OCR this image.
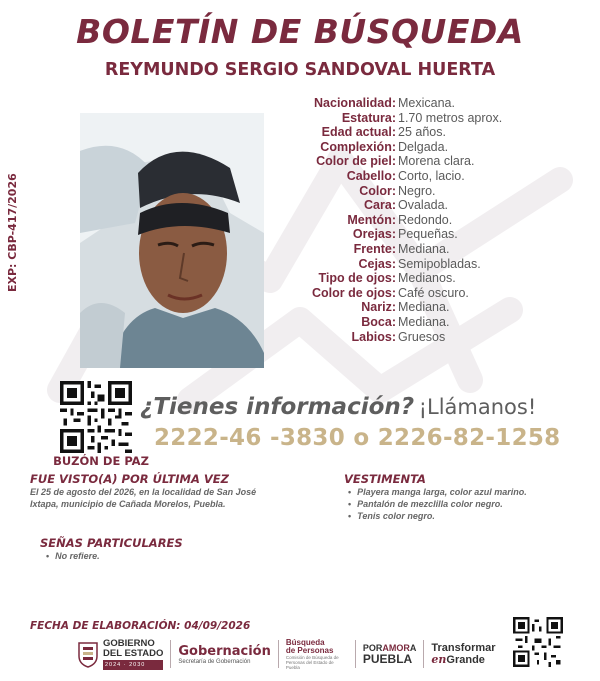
BOLETÍN DE BÚSQUEDA
REYMUNDO SERGIO SANDOVAL HUERTA
EXP: CBP-417/2026
Nacionalidad: Mexicana.
Estatura: 1.70 metros aprox.
Edad actual: 25 años.
Complexión: Delgada.
Color de piel: Morena clara.
Cabello: Corto, lacio.
Color: Negro.
Cara: Ovalada.
Mentón: Redondo.
Orejas: Pequeñas.
Frente: Mediana.
Cejas: Semipobladas.
Tipo de ojos: Medianos.
Color de ojos: Café oscuro.
Nariz: Mediana.
Boca: Mediana.
Labios: Gruesos
BUZÓN DE PAZ
¿Tienes información? ¡Llámanos!
2222-46 -3830 o 2226-82-1258
FUE VISTO(A) POR ÚLTIMA VEZ
El 25 de agosto del 2026, en la localidad de San José
Ixtapa, municipio de Cañada Morelos, Puebla.
VESTIMENTA
• Playera manga larga, color azul marino.
• Pantalón de mezclilla color negro.
• Tenis color negro.
SEÑAS PARTICULARES
• No refiere.
FECHA DE ELABORACIÓN: 04/09/2026
GOBIERNO
DEL ESTADO
2024 · 2030
Gobernación
Secretaría de Gobernación
Búsqueda
de Personas
Comisión de Búsqueda de Personas del Estado de Puebla
PORAMORA
PUEBLA
Transformar
enGrande
